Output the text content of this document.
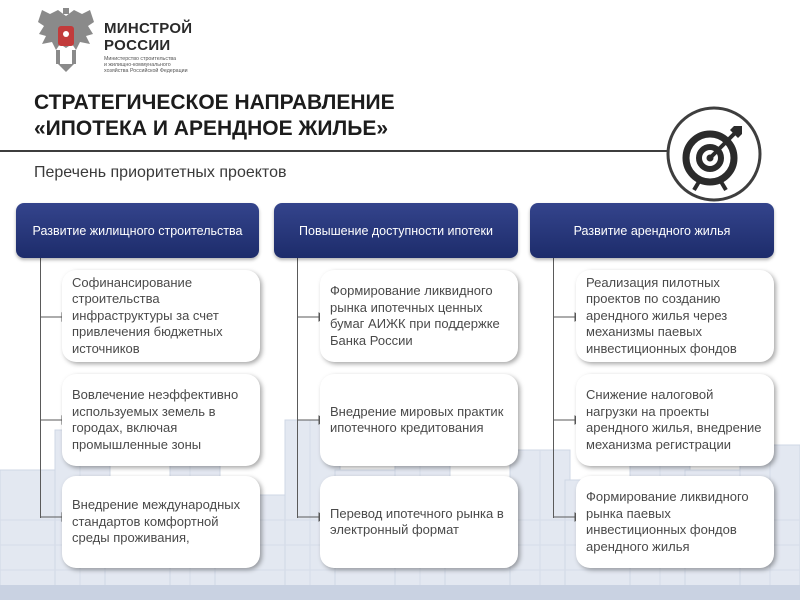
МИНСТРОЙ
РОССИИ
Министерство строительства
и жилищно-коммунального
хозяйства Российской Федерации
СТРАТЕГИЧЕСКОЕ НАПРАВЛЕНИЕ
«ИПОТЕКА И АРЕНДНОЕ ЖИЛЬЕ»
Перечень приоритетных проектов
Развитие жилищного строительства	Повышение доступности ипотеки	Развитие арендного жилья
Софинансирование строительства инфраструктуры за счет привлечения бюджетных источников
Вовлечение неэффективно используемых земель в городах, включая промышленные зоны
Внедрение международных стандартов комфортной среды проживания,
Формирование ликвидного рынка ипотечных ценных бумаг АИЖК при поддержке Банка России
Внедрение мировых практик ипотечного кредитования
Перевод ипотечного рынка в электронный формат
Реализация пилотных проектов по созданию арендного жилья через механизмы паевых инвестиционных фондов
Снижение налоговой нагрузки на проекты арендного жилья, внедрение механизма регистрации
Формирование ликвидного рынка паевых инвестиционных фондов арендного жилья
